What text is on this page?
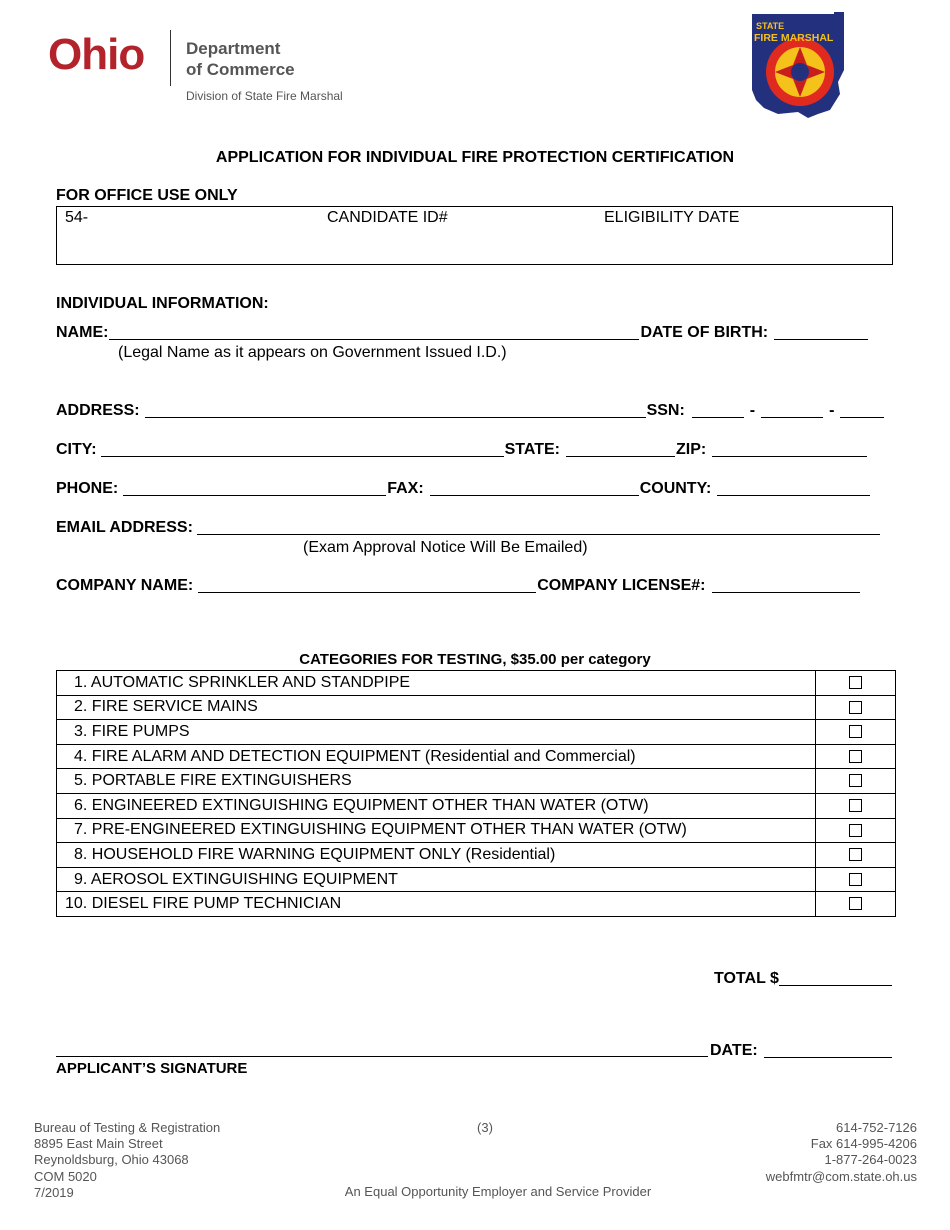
Ohio Department
of Commerce
Division of State Fire Marshal
STATE
FIRE MARSHAL
APPLICATION FOR INDIVIDUAL FIRE PROTECTION CERTIFICATION
FOR OFFICE USE ONLY
54-	CANDIDATE ID#	ELIGIBILITY DATE
INDIVIDUAL INFORMATION:
NAME:	DATE OF BIRTH:
(Legal Name as it appears on Government Issued I.D.)
ADDRESS:	SSN:	-	-
CITY:	STATE:	ZIP:
PHONE:	FAX:	COUNTY:
EMAIL ADDRESS:
(Exam Approval Notice Will Be Emailed)
COMPANY NAME:	COMPANY LICENSE#:
CATEGORIES FOR TESTING, $35.00 per category
1. AUTOMATIC SPRINKLER AND STANDPIPE	
2. FIRE SERVICE MAINS	
3. FIRE PUMPS	
4. FIRE ALARM AND DETECTION EQUIPMENT (Residential and Commercial)	
5. PORTABLE FIRE EXTINGUISHERS	
6. ENGINEERED EXTINGUISHING EQUIPMENT OTHER THAN WATER (OTW)	
7. PRE-ENGINEERED EXTINGUISHING EQUIPMENT OTHER THAN WATER (OTW)	
8. HOUSEHOLD FIRE WARNING EQUIPMENT ONLY (Residential)	
9. AEROSOL EXTINGUISHING EQUIPMENT	
10. DIESEL FIRE PUMP TECHNICIAN	
TOTAL $
DATE:
APPLICANT’S SIGNATURE
Bureau of Testing & Registration
8895 East Main Street
Reynoldsburg, Ohio 43068
COM 5020
7/2019
(3)	614-752-7126
Fax 614-995-4206
1-877-264-0023
webfmtr@com.state.oh.us
An Equal Opportunity Employer and Service Provider
